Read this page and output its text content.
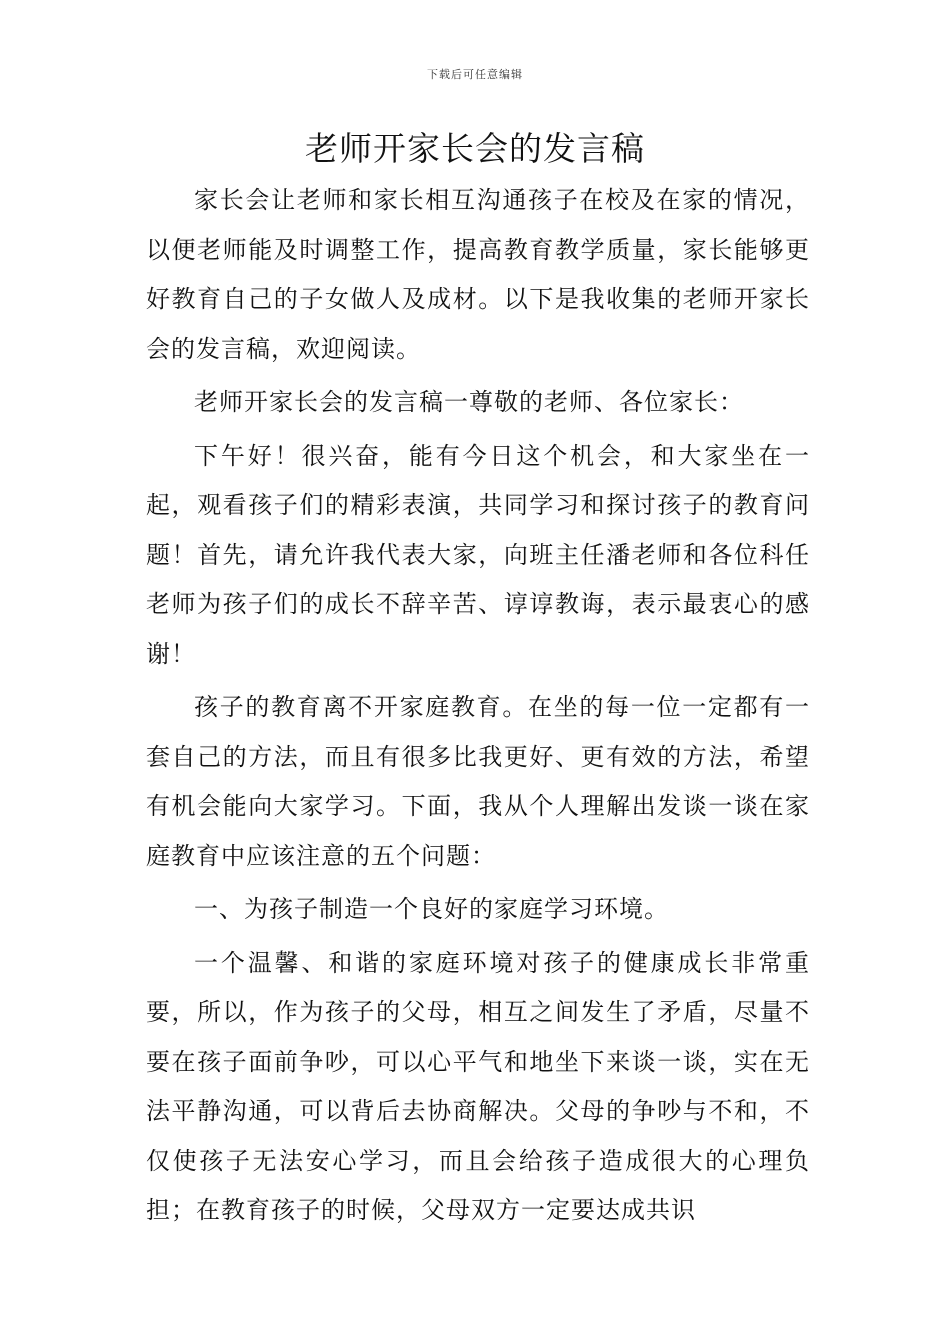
下载后可任意编辑
老师开家长会的发言稿

家长会让老师和家长相互沟通孩子在校及在家的情况，以便老师能及时调整工作，提高教育教学质量，家长能够更好教育自己的子女做人及成材。以下是我收集的老师开家长会的发言稿，欢迎阅读。

老师开家长会的发言稿一尊敬的老师、各位家长：

下午好！很兴奋，能有今日这个机会，和大家坐在一起，观看孩子们的精彩表演，共同学习和探讨孩子的教育问题！首先，请允许我代表大家，向班主任潘老师和各位科任老师为孩子们的成长不辞辛苦、谆谆教诲，表示最衷心的感谢！

孩子的教育离不开家庭教育。在坐的每一位一定都有一套自己的方法，而且有很多比我更好、更有效的方法，希望有机会能向大家学习。下面，我从个人理解出发谈一谈在家庭教育中应该注意的五个问题：

一、为孩子制造一个良好的家庭学习环境。

一个温馨、和谐的家庭环境对孩子的健康成长非常重要，所以，作为孩子的父母，相互之间发生了矛盾，尽量不要在孩子面前争吵，可以心平气和地坐下来谈一谈，实在无法平静沟通，可以背后去协商解决。父母的争吵与不和，不仅使孩子无法安心学习，而且会给孩子造成很大的心理负担；在教育孩子的时候，父母双方一定要达成共识
